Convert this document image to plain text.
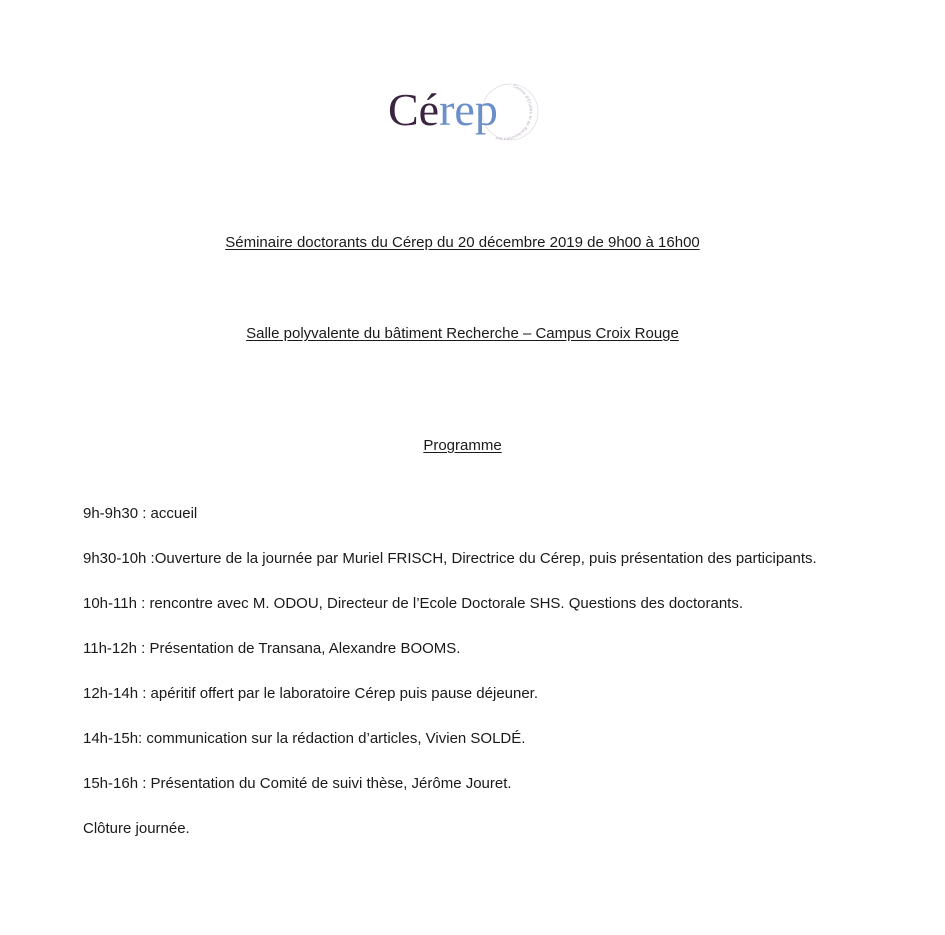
Centre d'Etudes et de Recherches sur
Cérep
Séminaire doctorants du Cérep du 20 décembre 2019 de 9h00 à 16h00
Salle polyvalente du bâtiment Recherche – Campus Croix Rouge
Programme
9h-9h30 : accueil
9h30-10h :Ouverture de la journée par Muriel FRISCH, Directrice du Cérep, puis présentation des participants.
10h-11h : rencontre avec M. ODOU, Directeur de l’Ecole Doctorale SHS. Questions des doctorants.
11h-12h : Présentation de Transana, Alexandre BOOMS.
12h-14h : apéritif offert par le laboratoire Cérep puis pause déjeuner.
14h-15h: communication sur la rédaction d’articles, Vivien SOLDÉ.
15h-16h : Présentation du Comité de suivi thèse, Jérôme Jouret.
Clôture journée.
